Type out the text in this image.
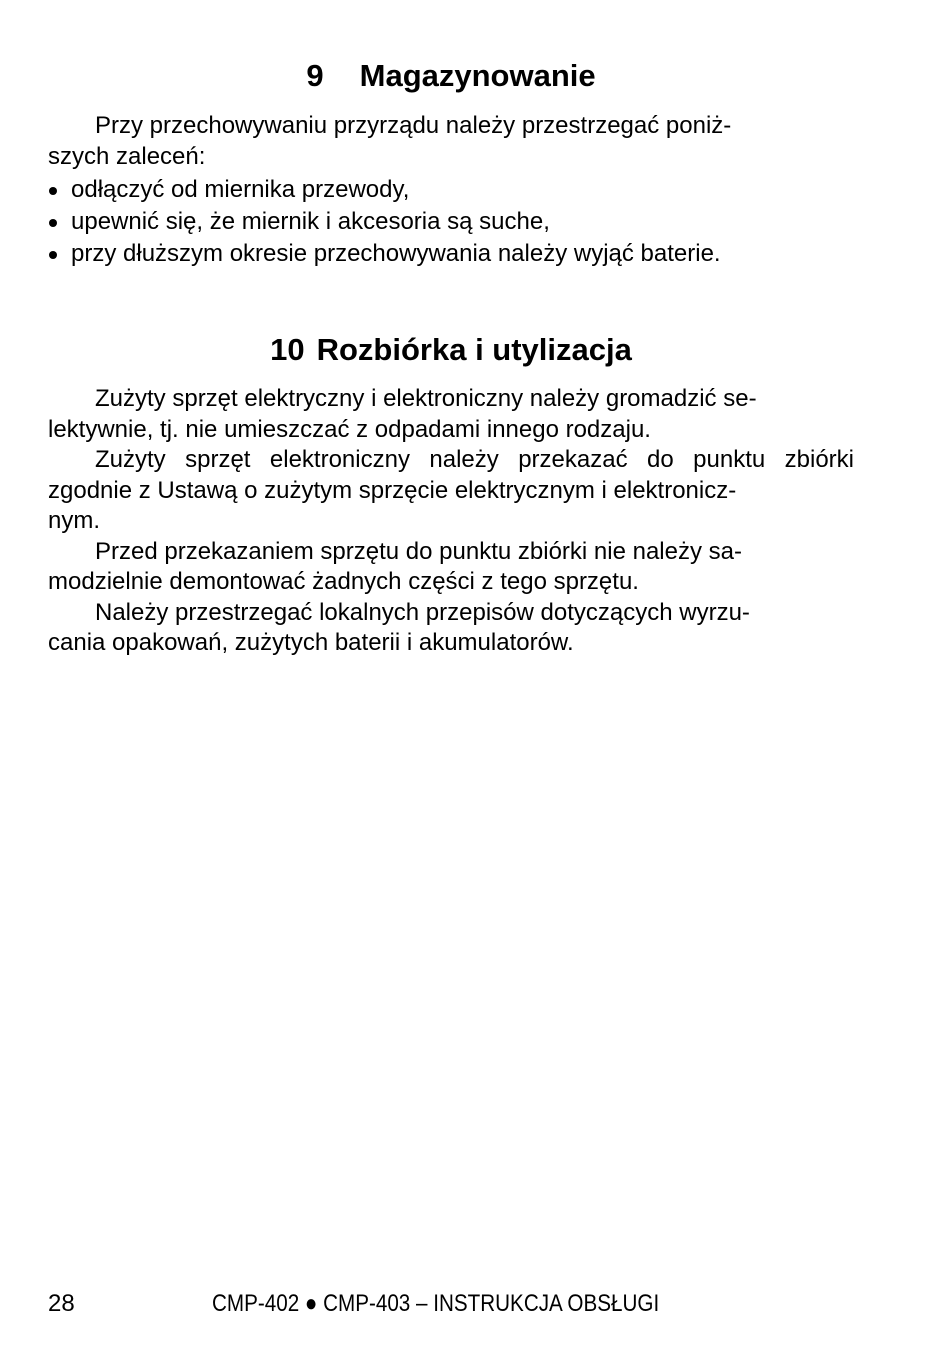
9 Magazynowanie

Przy przechowywaniu przyrządu należy przestrzegać poniż-
szych zaleceń:

odłączyć od miernika przewody,
upewnić się, że miernik i akcesoria są suche,
przy dłuższym okresie przechowywania należy wyjąć baterie.
10 Rozbiórka i utylizacja

Zużyty sprzęt elektryczny i elektroniczny należy gromadzić se-
lektywnie, tj. nie umieszczać z odpadami innego rodzaju.

Zużyty sprzęt elektroniczny należy przekazać do punktu zbiórki zgodnie z Ustawą o zużytym sprzęcie elektrycznym i elektronicz-
nym.

Przed przekazaniem sprzętu do punktu zbiórki nie należy sa-
modzielnie demontować żadnych części z tego sprzętu.

Należy przestrzegać lokalnych przepisów dotyczących wyrzu-
cania opakowań, zużytych baterii i akumulatorów.

28	CMP-402 ● CMP-403 – INSTRUKCJA OBSŁUGI
